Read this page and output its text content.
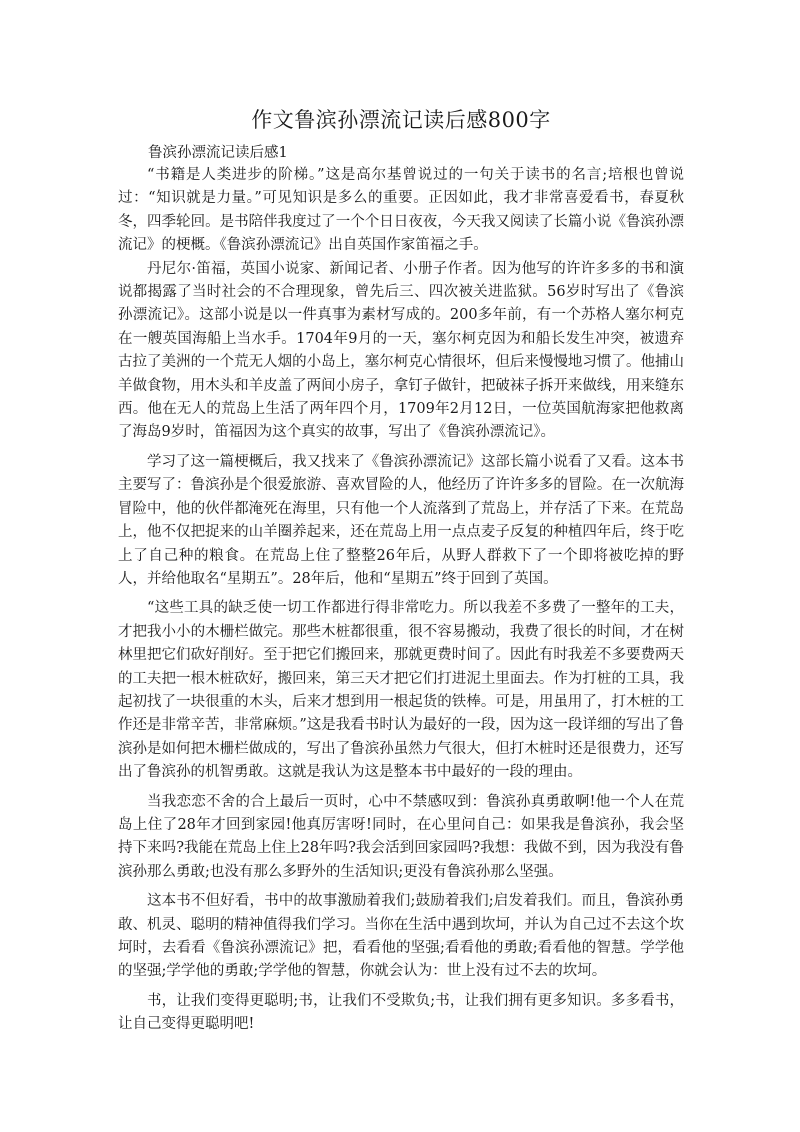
作文鲁滨孙漂流记读后感800字

鲁滨孙漂流记读后感1

“书籍是人类进步的阶梯。”这是高尔基曾说过的一句关于读书的名言;培根也曾说过：“知识就是力量。”可见知识是多么的重要。正因如此，我才非常喜爱看书，春夏秋冬，四季轮回。是书陪伴我度过了一个个日日夜夜，今天我又阅读了长篇小说《鲁滨孙漂流记》的梗概。《鲁滨孙漂流记》出自英国作家笛福之手。

丹尼尔·笛福，英国小说家、新闻记者、小册子作者。因为他写的许许多多的书和演说都揭露了当时社会的不合理现象，曾先后三、四次被关进监狱。56岁时写出了《鲁滨孙漂流记》。这部小说是以一件真事为素材写成的。200多年前，有一个苏格人塞尔柯克在一艘英国海船上当水手。1704年9月的一天，塞尔柯克因为和船长发生冲突，被遗弃古拉了美洲的一个荒无人烟的小岛上，塞尔柯克心情很坏，但后来慢慢地习惯了。他捕山羊做食物，用木头和羊皮盖了两间小房子，拿钉子做针，把破袜子拆开来做线，用来缝东西。他在无人的荒岛上生活了两年四个月，1709年2月12日，一位英国航海家把他救离了海岛9岁时，笛福因为这个真实的故事，写出了《鲁滨孙漂流记》。

学习了这一篇梗概后，我又找来了《鲁滨孙漂流记》这部长篇小说看了又看。这本书主要写了：鲁滨孙是个很爱旅游、喜欢冒险的人，他经历了许许多多的冒险。在一次航海冒险中，他的伙伴都淹死在海里，只有他一个人流落到了荒岛上，并存活了下来。在荒岛上，他不仅把捉来的山羊圈养起来，还在荒岛上用一点点麦子反复的种植四年后，终于吃上了自己种的粮食。在荒岛上住了整整26年后，从野人群救下了一个即将被吃掉的野人，并给他取名“星期五”。28年后，他和“星期五”终于回到了英国。

“这些工具的缺乏使一切工作都进行得非常吃力。所以我差不多费了一整年的工夫，才把我小小的木栅栏做完。那些木桩都很重，很不容易搬动，我费了很长的时间，才在树林里把它们砍好削好。至于把它们搬回来，那就更费时间了。因此有时我差不多要费两天的工夫把一根木桩砍好，搬回来，第三天才把它们打进泥土里面去。作为打桩的工具，我起初找了一块很重的木头，后来才想到用一根起货的铁棒。可是，用虽用了，打木桩的工作还是非常辛苦，非常麻烦。”这是我看书时认为最好的一段，因为这一段详细的写出了鲁滨孙是如何把木栅栏做成的，写出了鲁滨孙虽然力气很大，但打木桩时还是很费力，还写出了鲁滨孙的机智勇敢。这就是我认为这是整本书中最好的一段的理由。

当我恋恋不舍的合上最后一页时，心中不禁感叹到：鲁滨孙真勇敢啊!他一个人在荒岛上住了28年才回到家园!他真厉害呀!同时，在心里问自己：如果我是鲁滨孙，我会坚持下来吗?我能在荒岛上住上28年吗?我会活到回家园吗?我想：我做不到，因为我没有鲁滨孙那么勇敢;也没有那么多野外的生活知识;更没有鲁滨孙那么坚强。

这本书不但好看，书中的故事激励着我们;鼓励着我们;启发着我们。而且，鲁滨孙勇敢、机灵、聪明的精神值得我们学习。当你在生活中遇到坎坷，并认为自己过不去这个坎坷时，去看看《鲁滨孙漂流记》把，看看他的坚强;看看他的勇敢;看看他的智慧。学学他的坚强;学学他的勇敢;学学他的智慧，你就会认为：世上没有过不去的坎坷。

书，让我们变得更聪明;书，让我们不受欺负;书，让我们拥有更多知识。多多看书，让自己变得更聪明吧!
